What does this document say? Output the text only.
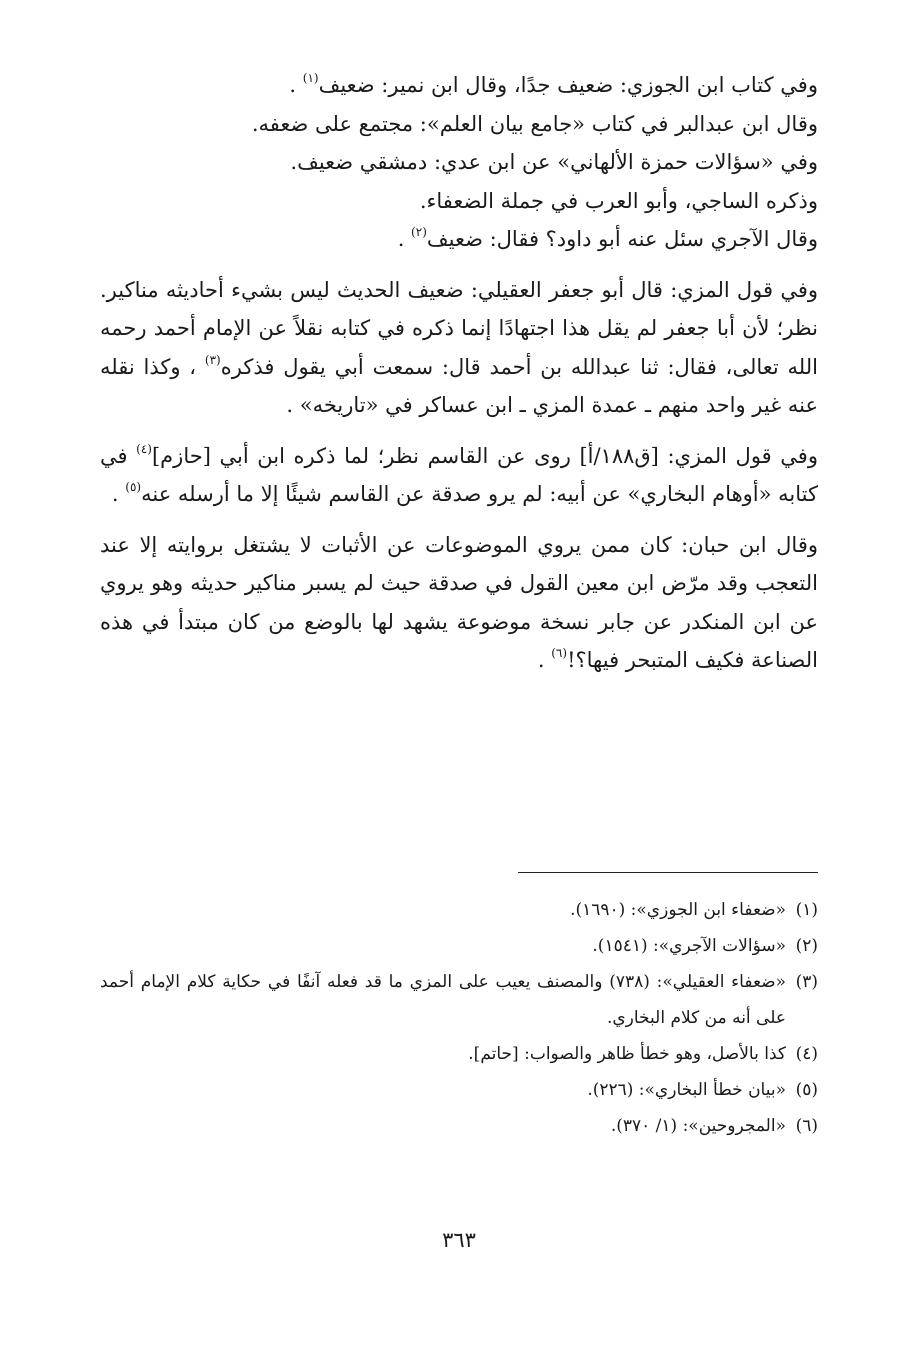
وفي كتاب ابن الجوزي: ضعيف جدًا، وقال ابن نمير: ضعيف$^{(١)}$ .

وقال ابن عبدالبر في كتاب «جامع بيان العلم»: مجتمع على ضعفه.

وفي «سؤالات حمزة الألهاني» عن ابن عدي: دمشقي ضعيف.

وذكره الساجي، وأبو العرب في جملة الضعفاء.

وقال الآجري سئل عنه أبو داود؟ فقال: ضعيف$^{(٢)}$ .

وفي قول المزي: قال أبو جعفر العقيلي: ضعيف الحديث ليس بشيء أحاديثه مناكير. نظر؛ لأن أبا جعفر لم يقل هذا اجتهادًا إنما ذكره في كتابه نقلاً عن الإمام أحمد رحمه الله تعالى، فقال: ثنا عبدالله بن أحمد قال: سمعت أبي يقول فذكره$^{(٣)}$ ، وكذا نقله عنه غير واحد منهم ـ عمدة المزي ـ ابن عساكر في «تاريخه» .

وفي قول المزي: [ق١٨٨/أ] روى عن القاسم نظر؛ لما ذكره ابن أبي [حازم]$^{(٤)}$ في كتابه «أوهام البخاري» عن أبيه: لم يرو صدقة عن القاسم شيئًا إلا ما أرسله عنه$^{(٥)}$ .

وقال ابن حبان: كان ممن يروي الموضوعات عن الأثبات لا يشتغل بروايته إلا عند التعجب وقد مرّض ابن معين القول في صدقة حيث لم يسبر مناكير حديثه وهو يروي عن ابن المنكدر عن جابر نسخة موضوعة يشهد لها بالوضع من كان مبتدأ في هذه الصناعة فكيف المتبحر فيها؟!$^{(٦)}$ .

(١)
«ضعفاء ابن الجوزي»: (١٦٩٠).
(٢)
«سؤالات الآجري»: (١٥٤١).
(٣)
«ضعفاء العقيلي»: (٧٣٨) والمصنف يعيب على المزي ما قد فعله آنفًا في حكاية كلام الإمام أحمد على أنه من كلام البخاري.
(٤)
كذا بالأصل، وهو خطأ ظاهر والصواب: [حاتم].
(٥)
«بيان خطأ البخاري»: (٢٢٦).
(٦)
«المجروحين»: (١/ ٣٧٠).
٣٦٣
